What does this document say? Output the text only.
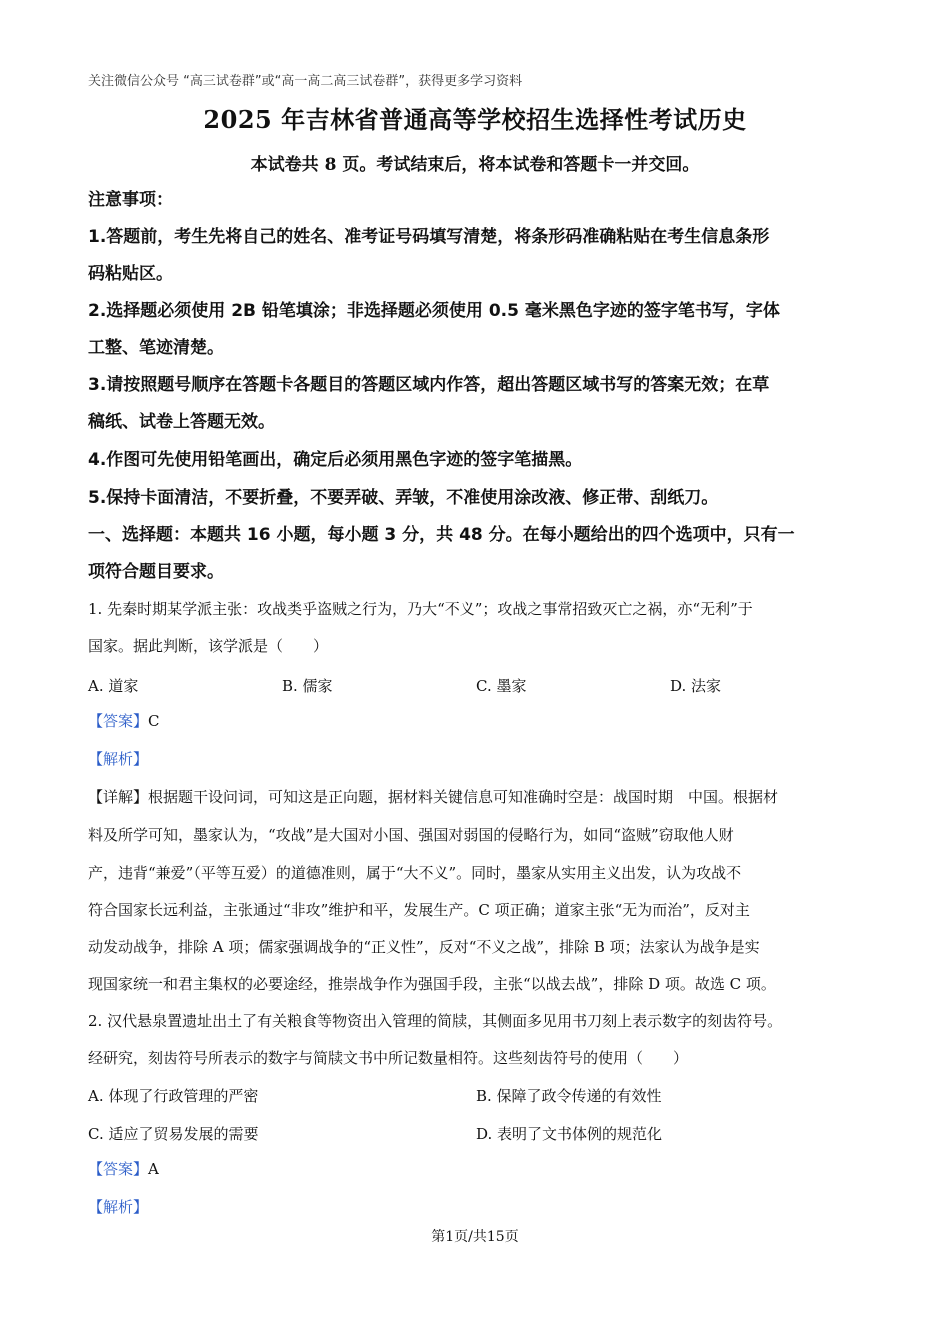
关注微信公众号 “高三试卷群”或“高一高二高三试卷群”，获得更多学习资料
2025 年吉林省普通高等学校招生选择性考试历史
本试卷共 8 页。考试结束后，将本试卷和答题卡一并交回。
注意事项：
1.答题前，考生先将自己的姓名、准考证号码填写清楚，将条形码准确粘贴在考生信息条形
码粘贴区。
2.选择题必须使用 2B 铅笔填涂；非选择题必须使用 0.5 毫米黑色字迹的签字笔书写，字体
工整、笔迹清楚。
3.请按照题号顺序在答题卡各题目的答题区域内作答，超出答题区域书写的答案无效；在草
稿纸、试卷上答题无效。
4.作图可先使用铅笔画出，确定后必须用黑色字迹的签字笔描黑。
5.保持卡面清洁，不要折叠，不要弄破、弄皱，不准使用涂改液、修正带、刮纸刀。
一、选择题：本题共 16 小题，每小题 3 分，共 48 分。在每小题给出的四个选项中，只有一
项符合题目要求。
1. 先秦时期某学派主张：攻战类乎盗贼之行为，乃大“不义”；攻战之事常招致灭亡之祸，亦“无利”于
国家。据此判断，该学派是（　　）
A. 道家	B. 儒家	C. 墨家	D. 法家
【答案】C
【解析】
【详解】根据题干设问词，可知这是正向题，据材料关键信息可知准确时空是：战国时期　中国。根据材
料及所学可知，墨家认为，“攻战”是大国对小国、强国对弱国的侵略行为，如同“盗贼”窃取他人财
产，违背“兼爱”（平等互爱）的道德准则，属于“大不义”。同时，墨家从实用主义出发，认为攻战不
符合国家长远利益，主张通过“非攻”维护和平，发展生产。C 项正确；道家主张“无为而治”，反对主
动发动战争，排除 A 项；儒家强调战争的“正义性”，反对“不义之战”，排除 B 项；法家认为战争是实
现国家统一和君主集权的必要途经，推崇战争作为强国手段，主张“以战去战”，排除 D 项。故选 C 项。
2. 汉代悬泉置遗址出土了有关粮食等物资出入管理的简牍，其侧面多见用书刀刻上表示数字的刻齿符号。
经研究，刻齿符号所表示的数字与简牍文书中所记数量相符。这些刻齿符号的使用（　　）
A. 体现了行政管理的严密	B. 保障了政令传递的有效性
C. 适应了贸易发展的需要	D. 表明了文书体例的规范化
【答案】A
【解析】
第1页/共15页
